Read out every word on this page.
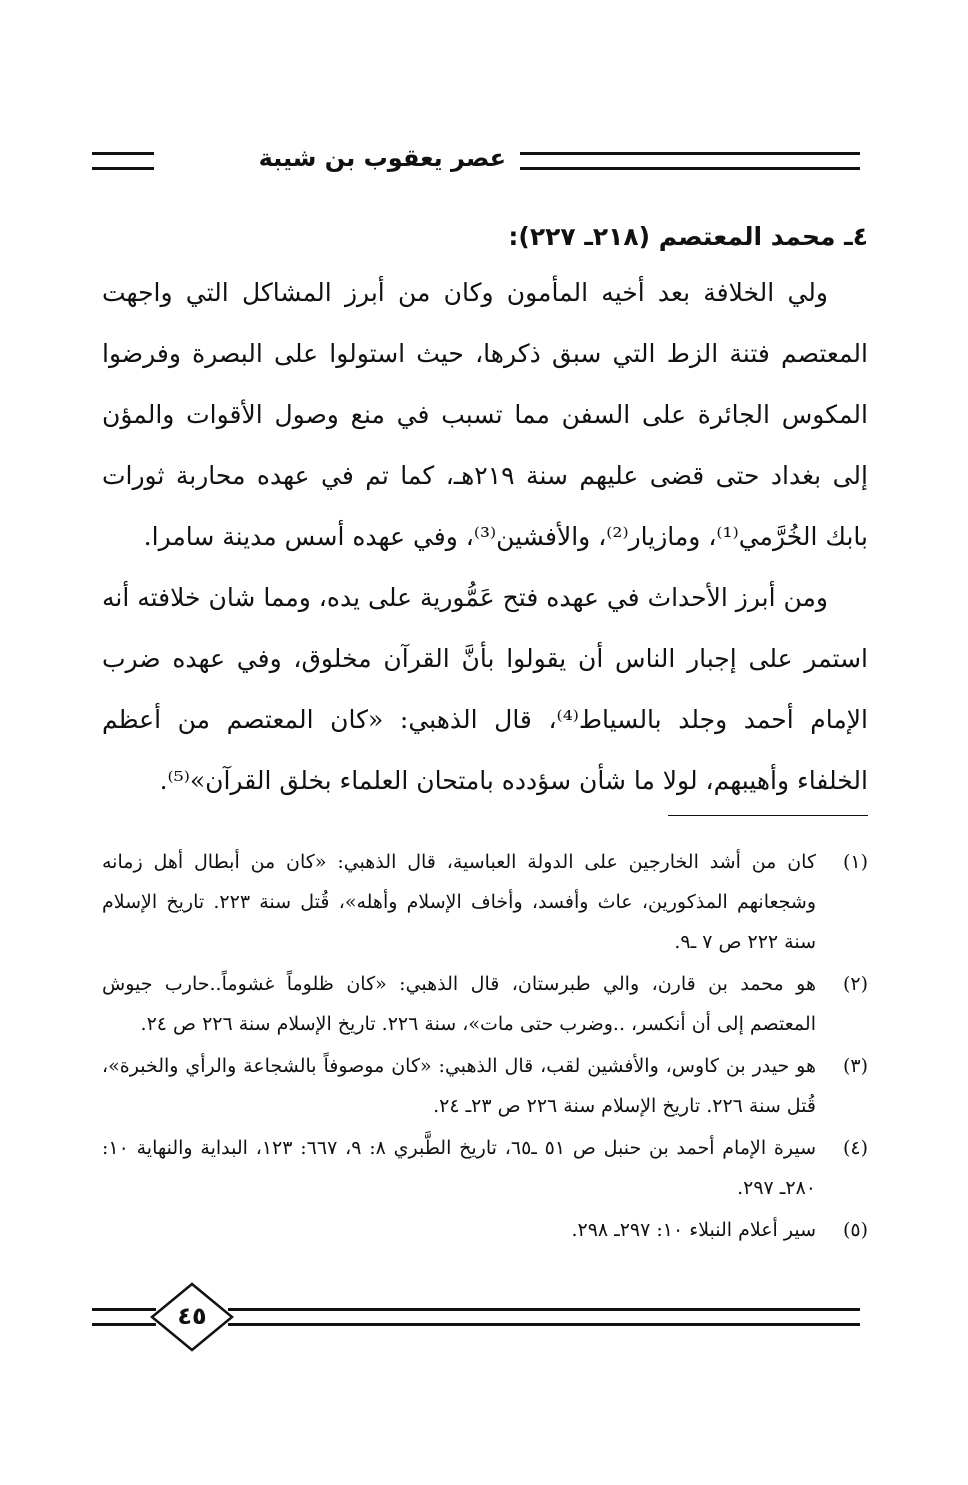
عصر يعقوب بن شيبة

٤ـ محمد المعتصم (٢١٨ـ ٢٢٧):

ولي الخلافة بعد أخيه المأمون وكان من أبرز المشاكل التي واجهت المعتصم فتنة الزط التي سبق ذكرها، حيث استولوا على البصرة وفرضوا المكوس الجائرة على السفن مما تسبب في منع وصول الأقوات والمؤن إلى بغداد حتى قضى عليهم سنة ٢١٩هـ، كما تم في عهده محاربة ثورات بابك الخُرَّمي⁽¹⁾، ومازيار⁽²⁾، والأفشين⁽³⁾، وفي عهده أسس مدينة سامرا.

ومن أبرز الأحداث في عهده فتح عَمُّورية على يده، ومما شان خلافته أنه استمر على إجبار الناس أن يقولوا بأنَّ القرآن مخلوق، وفي عهده ضرب الإمام أحمد وجلد بالسياط⁽⁴⁾، قال الذهبي: «كان المعتصم من أعظم الخلفاء وأهيبهم، لولا ما شأن سؤدده بامتحان العلماء بخلق القرآن»⁽⁵⁾.

(١)
كان من أشد الخارجين على الدولة العباسية، قال الذهبي: «كان من أبطال أهل زمانه وشجعانهم المذكورين، عاث وأفسد، وأخاف الإسلام وأهله»، قُتل سنة ٢٢٣. تاريخ الإسلام سنة ٢٢٢ ص ٧ ـ٩.
(٢)
هو محمد بن قارن، والي طبرستان، قال الذهبي: «كان ظلوماً غشوماً..حارب جيوش المعتصم إلى أن أنكسر، ..وضرب حتى مات»، سنة ٢٢٦. تاريخ الإسلام سنة ٢٢٦ ص ٢٤.
(٣)
هو حيدر بن كاوس، والأفشين لقب، قال الذهبي: «كان موصوفاً بالشجاعة والرأي والخبرة»، قُتل سنة ٢٢٦. تاريخ الإسلام سنة ٢٢٦ ص ٢٣ـ ٢٤.
(٤)
سيرة الإمام أحمد بن حنبل ص ٥١ ـ٦٥، تاريخ الطَّبري ٨: ٩، ٦٦٧: ١٢٣، البداية والنهاية ١٠: ٢٨٠ـ ٢٩٧.
(٥)
سير أعلام النبلاء ١٠: ٢٩٧ـ ٢٩٨.
٤٥
